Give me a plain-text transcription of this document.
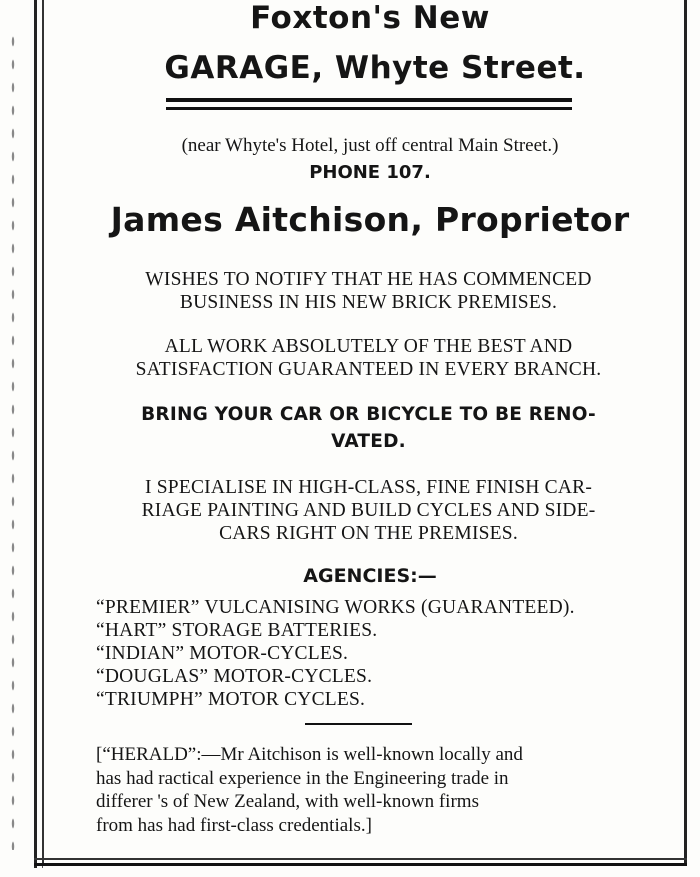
Foxton's New
GARAGE, Whyte Street.
(near Whyte's Hotel, just off central Main Street.)
PHONE 107.
James Aitchison, Proprietor
WISHES TO NOTIFY THAT HE HAS COMMENCED
BUSINESS IN HIS NEW BRICK PREMISES.
ALL WORK ABSOLUTELY OF THE BEST AND
SATISFACTION GUARANTEED IN EVERY BRANCH.
BRING YOUR CAR OR BICYCLE TO BE RENO-
VATED.
I SPECIALISE IN HIGH-CLASS, FINE FINISH CAR-
RIAGE PAINTING AND BUILD CYCLES AND SIDE-
CARS RIGHT ON THE PREMISES.
AGENCIES:—
“PREMIER” VULCANISING WORKS (GUARANTEED).
“HART” STORAGE BATTERIES.
“INDIAN” MOTOR-CYCLES.
“DOUGLAS” MOTOR-CYCLES.
“TRIUMPH” MOTOR CYCLES.
[“HERALD”:—Mr Aitchison is well-known locally and
has had ractical experience in the Engineering trade in
differer 's of New Zealand, with well-known firms
from has had first-class credentials.]
